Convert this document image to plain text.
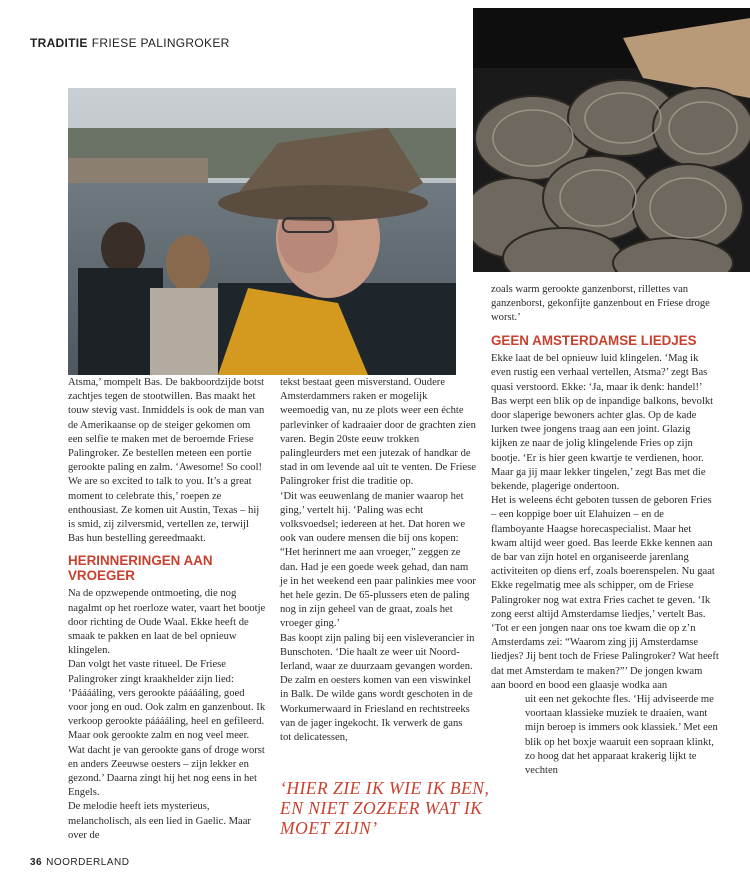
TRADITIE FRIESE PALINGROKER

Atsma,’ mompelt Bas. De bakboordzijde botst zachtjes tegen de stootwillen. Bas maakt het touw stevig vast. Inmiddels is ook de man van de Amerikaanse op de steiger gekomen om een selfie te maken met de beroemde Friese Palingroker. Ze bestellen meteen een portie gerookte paling en zalm. ‘Awesome! So cool! We are so excited to talk to you. It’s a great moment to celebrate this,’ roepen ze enthousiast. Ze komen uit Austin, Texas – hij is smid, zij zilversmid, vertellen ze, terwijl Bas hun bestelling gereedmaakt.

HERINNERINGEN AAN VROEGER

Na de opzwepende ontmoeting, die nog nagalmt op het roerloze water, vaart het bootje door richting de Oude Waal. Ekke heeft de smaak te pakken en laat de bel opnieuw klingelen.

Dan volgt het vaste ritueel. De Friese Palingroker zingt kraakhelder zijn lied: ‘Pááááling, vers gerookte pááááling, goed voor jong en oud. Ook zalm en ganzenbout. Ik verkoop gerookte pááááling, heel en gefileerd. Maar ook gerookte zalm en nog veel meer. Wat dacht je van gerookte gans of droge worst en anders Zeeuwse oesters – zijn lekker en gezond.’ Daarna zingt hij het nog eens in het Engels.

De melodie heeft iets mysterieus, melancholisch, als een lied in Gaelic. Maar over de

tekst bestaat geen misverstand. Oudere Amsterdammers raken er mogelijk weemoedig van, nu ze plots weer een échte parlevinker of kadraaier door de grachten zien varen. Begin 20ste eeuw trokken palingleurders met een jutezak of handkar de stad in om levende aal uit te venten. De Friese Palingroker frist die traditie op.

‘Dit was eeuwenlang de manier waarop het ging,’ vertelt hij. ‘Paling was echt volksvoedsel; iedereen at het. Dat horen we ook van oudere mensen die bij ons kopen: “Het herinnert me aan vroeger,” zeggen ze dan. Had je een goede week gehad, dan nam je in het weekend een paar palinkies mee voor het hele gezin. De 65-plussers eten de paling nog in zijn geheel van de graat, zoals het vroeger ging.’

Bas koopt zijn paling bij een visleverancier in Bunschoten. ‘Die haalt ze weer uit Noord-Ierland, waar ze duurzaam gevangen worden. De zalm en oesters komen van een viswinkel in Balk. De wilde gans wordt geschoten in de Workumerwaard in Friesland en rechtstreeks van de jager ingekocht. Ik verwerk de gans tot delicatessen,

‘HIER ZIE IK WIE IK BEN, EN NIET ZOZEER WAT IK MOET ZIJN’

zoals warm gerookte ganzenborst, rillettes van ganzenborst, gekonfijte ganzenbout en Friese droge worst.’

GEEN AMSTERDAMSE LIEDJES

Ekke laat de bel opnieuw luid klingelen. ‘Mag ik even rustig een verhaal vertellen, Atsma?’ zegt Bas quasi verstoord. Ekke: ‘Ja, maar ik denk: handel!’ Bas werpt een blik op de inpandige balkons, bevolkt door slaperige bewoners achter glas. Op de kade lurken twee jongens traag aan een joint. Glazig kijken ze naar de jolig klingelende Fries op zijn bootje. ‘Er is hier geen kwartje te verdienen, hoor. Maar ga jij maar lekker tingelen,’ zegt Bas met die bekende, plagerige ondertoon.

Het is weleens écht geboten tussen de geboren Fries – een koppige boer uit Elahuizen – en de flamboyante Haagse horecaspecialist. Maar het kwam altijd weer goed. Bas leerde Ekke kennen aan de bar van zijn hotel en organiseerde jarenlang activiteiten op diens erf, zoals boerenspelen. Nu gaat Ekke regelmatig mee als schipper, om de Friese Palingroker nog wat extra Fries cachet te geven. ‘Ik zong eerst altijd Amsterdamse liedjes,’ vertelt Bas. ‘Tot er een jongen naar ons toe kwam die op z’n Amsterdams zei: “Waarom zing jij Amsterdamse liedjes? Jij bent toch de Friese Palingroker? Wat heeft dat met Amsterdam te maken?”’ De jongen kwam aan boord en bood een glaasje wodka aan

uit een net gekochte fles. ‘Hij adviseerde me voortaan klassieke muziek te draaien, want mijn beroep is immers ook klassiek.’ Met een blik op het boxje waaruit een sopraan klinkt, zo hoog dat het apparaat krakerig lijkt te vechten

36 NOORDERLAND
